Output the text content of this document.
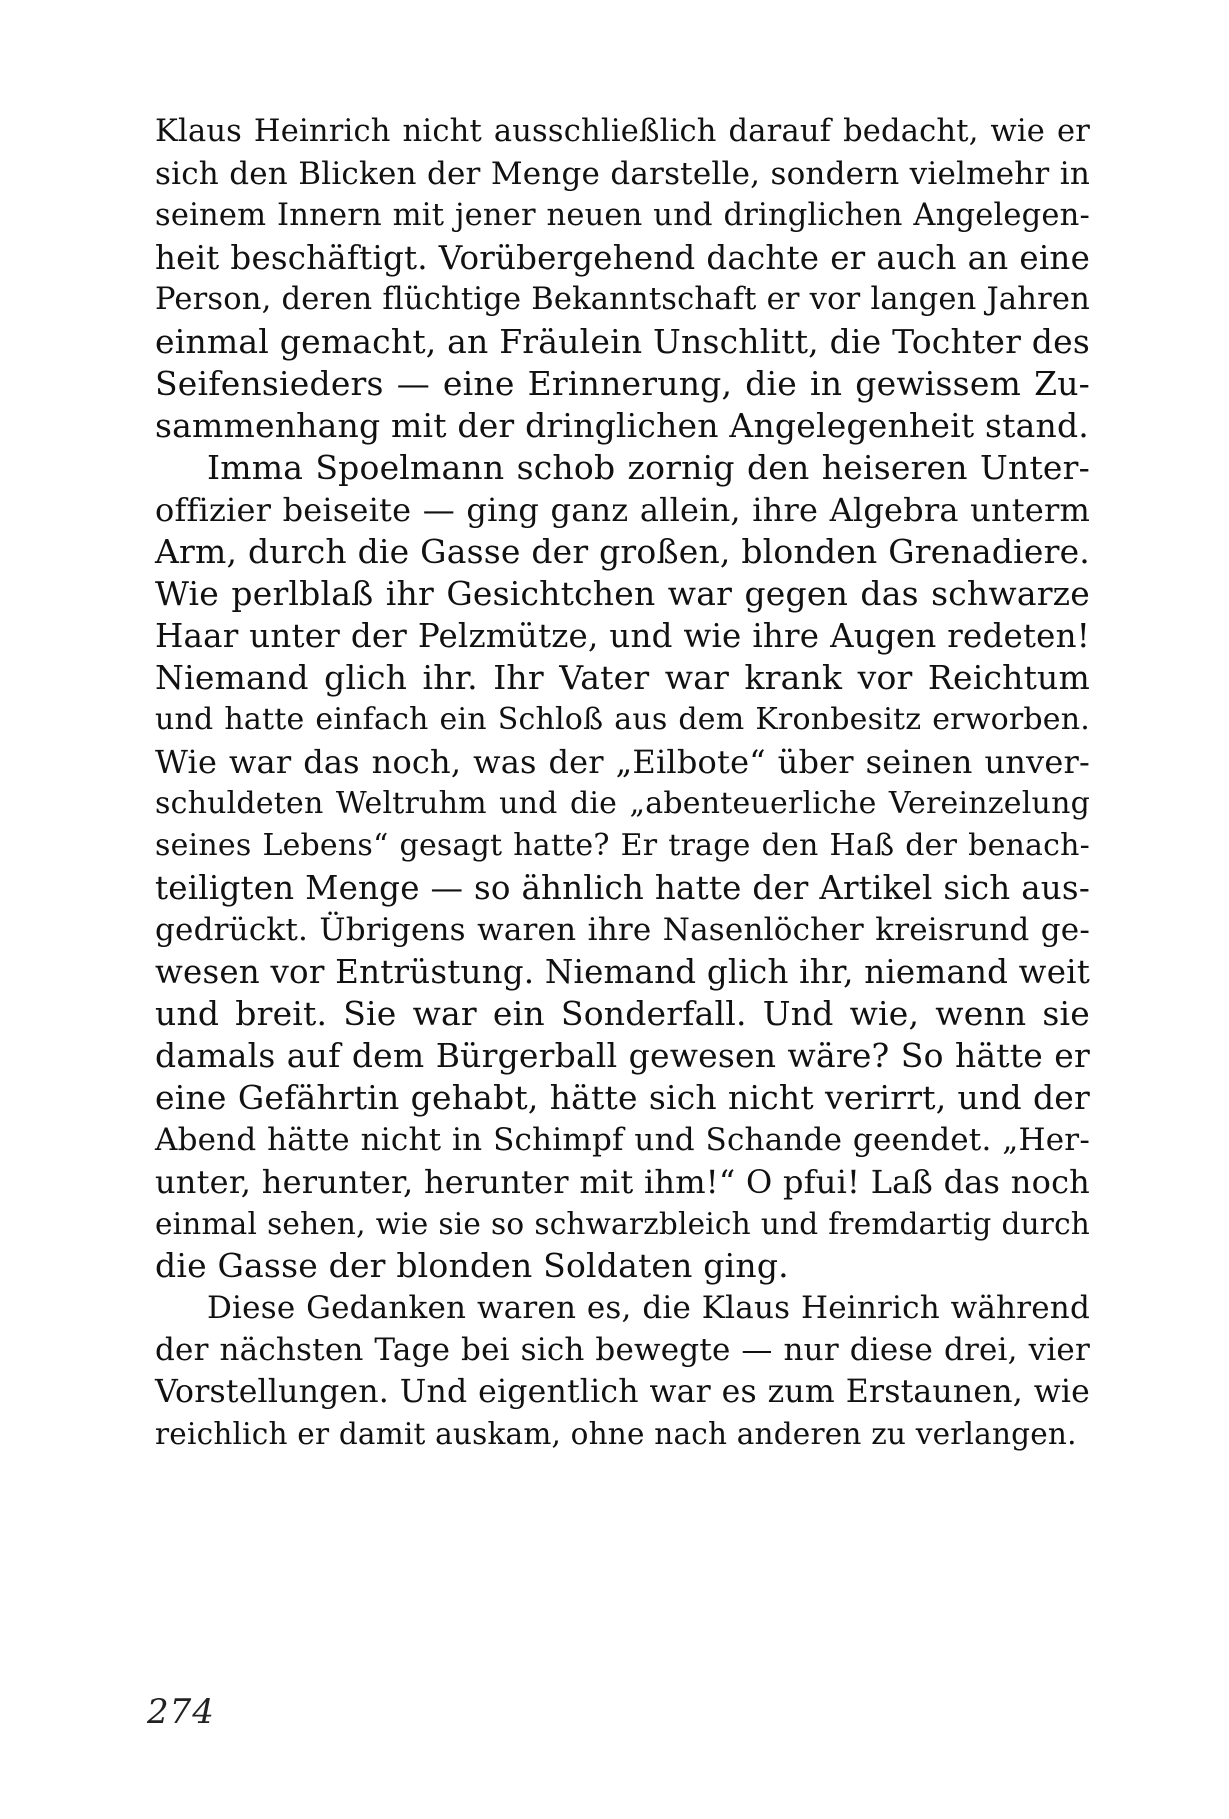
Klaus Heinrich nicht ausschließlich darauf bedacht, wie er
sich den Blicken der Menge darstelle, sondern vielmehr in
seinem Innern mit jener neuen und dringlichen Angelegen-
heit beschäftigt. Vorübergehend dachte er auch an eine
Person, deren flüchtige Bekanntschaft er vor langen Jahren
einmal gemacht, an Fräulein Unschlitt, die Tochter des
Seifensieders — eine Erinnerung, die in gewissem Zu-
sammenhang mit der dringlichen Angelegenheit stand.
Imma Spoelmann schob zornig den heiseren Unter-
offizier beiseite — ging ganz allein, ihre Algebra unterm
Arm, durch die Gasse der großen, blonden Grenadiere.
Wie perlblaß ihr Gesichtchen war gegen das schwarze
Haar unter der Pelzmütze, und wie ihre Augen redeten!
Niemand glich ihr. Ihr Vater war krank vor Reichtum
und hatte einfach ein Schloß aus dem Kronbesitz erworben.
Wie war das noch, was der „Eilbote“ über seinen unver-
schuldeten Weltruhm und die „abenteuerliche Vereinzelung
seines Lebens“ gesagt hatte? Er trage den Haß der benach-
teiligten Menge — so ähnlich hatte der Artikel sich aus-
gedrückt. Übrigens waren ihre Nasenlöcher kreisrund ge-
wesen vor Entrüstung. Niemand glich ihr, niemand weit
und breit. Sie war ein Sonderfall. Und wie, wenn sie
damals auf dem Bürgerball gewesen wäre? So hätte er
eine Gefährtin gehabt, hätte sich nicht verirrt, und der
Abend hätte nicht in Schimpf und Schande geendet. „Her-
unter, herunter, herunter mit ihm!“ O pfui! Laß das noch
einmal sehen, wie sie so schwarzbleich und fremdartig durch
die Gasse der blonden Soldaten ging.
Diese Gedanken waren es, die Klaus Heinrich während
der nächsten Tage bei sich bewegte — nur diese drei, vier
Vorstellungen. Und eigentlich war es zum Erstaunen, wie
reichlich er damit auskam, ohne nach anderen zu verlangen.
274
